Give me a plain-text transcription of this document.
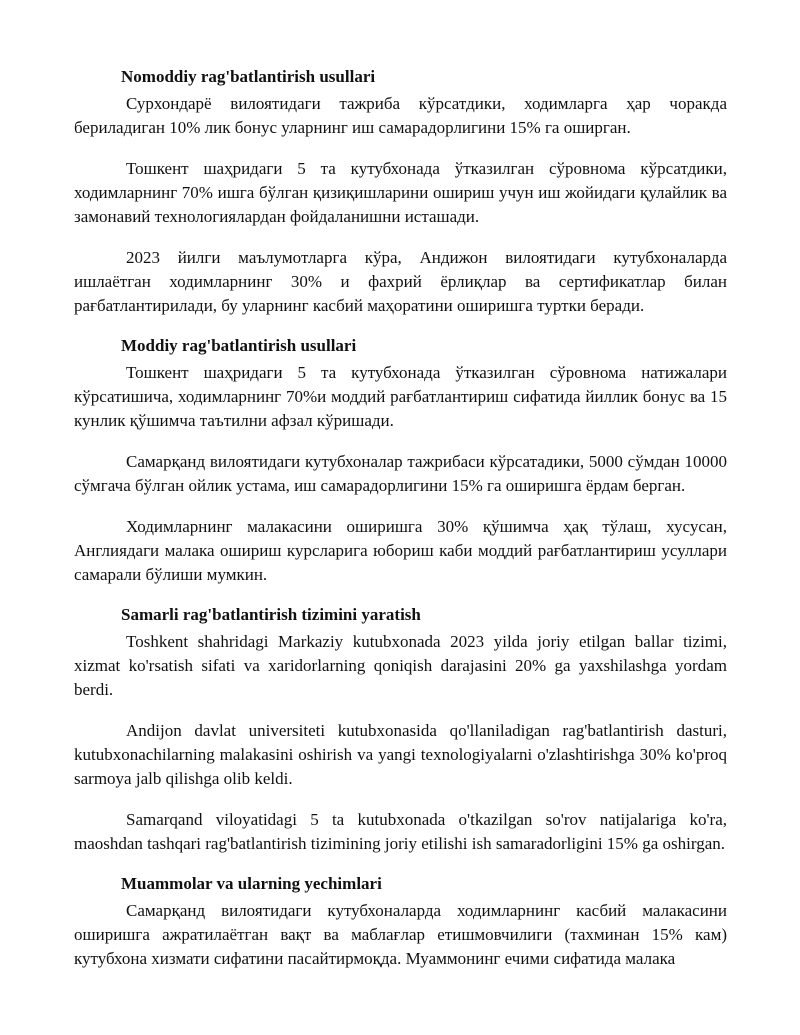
Nomoddiy rag'batlantirish usullari

Сурхондарё вилоятидаги тажриба кўрсатдики, ходимларга ҳар чоракда бериладиган 10% лик бонус уларнинг иш самарадорлигини 15% га оширган.

Тошкент шаҳридаги 5 та кутубхонада ўтказилган сўровнома кўрсатдики, ходимларнинг 70% ишга бўлган қизиқишларини ошириш учун иш жойидаги қулайлик ва замонавий технологиялардан фойдаланишни исташади.

2023 йилги маълумотларга кўра, Андижон вилоятидаги кутубхоналарда ишлаётган ходимларнинг 30% и фахрий ёрлиқлар ва сертификатлар билан рағбатлантирилади, бу уларнинг касбий маҳоратини оширишга туртки беради.

Moddiy rag'batlantirish usullari

Тошкент шаҳридаги 5 та кутубхонада ўтказилган сўровнома натижалари кўрсатишича, ходимларнинг 70%и моддий рағбатлантириш сифатида йиллик бонус ва 15 кунлик қўшимча таътилни афзал кўришади.

Самарқанд вилоятидаги кутубхоналар тажрибаси кўрсатадики, 5000 сўмдан 10000 сўмгача бўлган ойлик устама, иш самарадорлигини 15% га оширишга ёрдам берган.

Ходимларнинг малакасини оширишга 30% қўшимча ҳақ тўлаш, хусусан, Англиядаги малака ошириш курсларига юбориш каби моддий рағбатлантириш усуллари самарали бўлиши мумкин.

Samarli rag'batlantirish tizimini yaratish

Toshkent shahridagi Markaziy kutubxonada 2023 yilda joriy etilgan ballar tizimi, xizmat ko'rsatish sifati va xaridorlarning qoniqish darajasini 20% ga yaxshilashga yordam berdi.

Andijon davlat universiteti kutubxonasida qo'llaniladigan rag'batlantirish dasturi, kutubxonachilarning malakasini oshirish va yangi texnologiyalarni o'zlashtirishga 30% ko'proq sarmoya jalb qilishga olib keldi.

Samarqand viloyatidagi 5 ta kutubxonada o'tkazilgan so'rov natijalariga ko'ra, maoshdan tashqari rag'batlantirish tizimining joriy etilishi ish samaradorligini 15% ga oshirgan.

Muammolar va ularning yechimlari

Самарқанд вилоятидаги кутубхоналарда ходимларнинг касбий малакасини оширишга ажратилаётган вақт ва маблағлар етишмовчилиги (тахминан 15% кам) кутубхона хизмати сифатини пасайтирмоқда. Муаммонинг ечими сифатида малака
